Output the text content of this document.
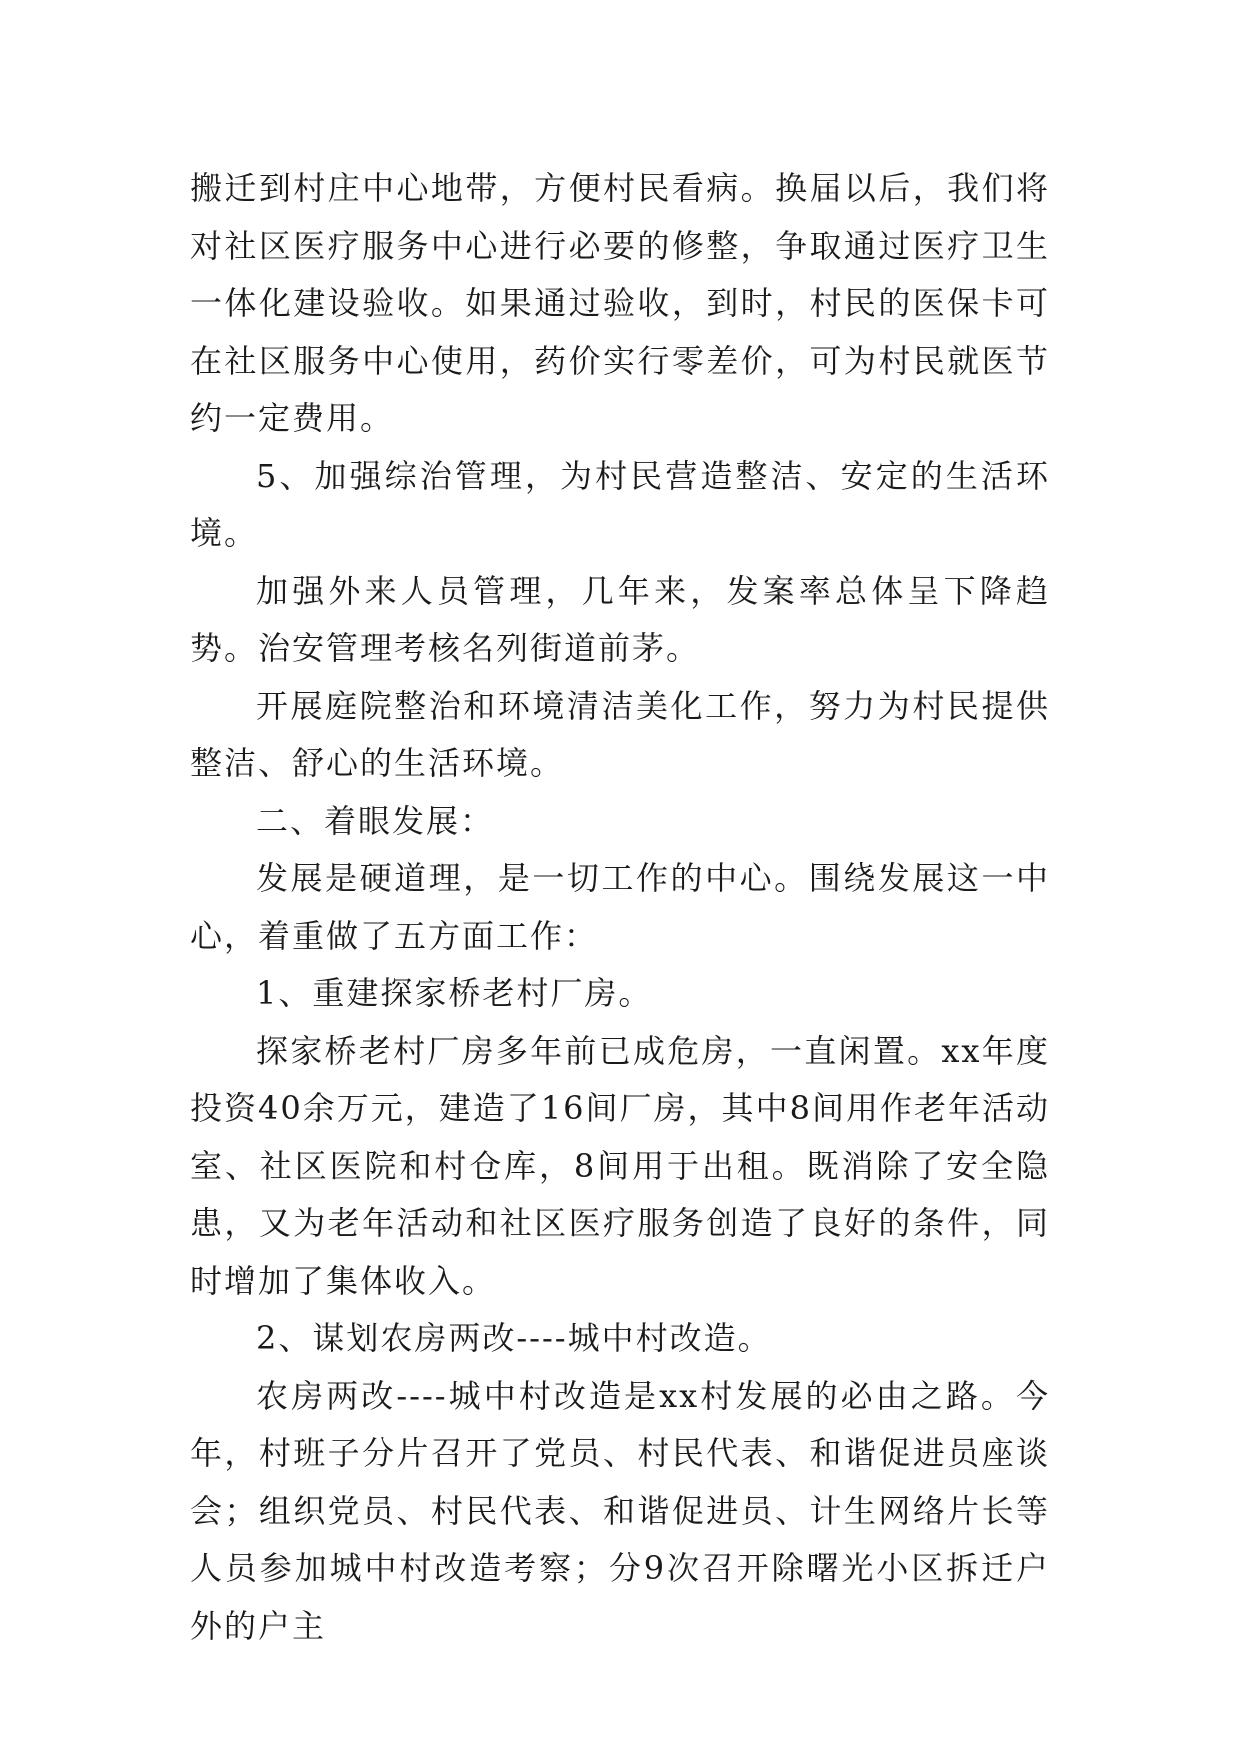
搬迁到村庄中心地带，方便村民看病。换届以后，我们将对社区医疗服务中心进行必要的修整，争取通过医疗卫生一体化建设验收。如果通过验收，到时，村民的医保卡可在社区服务中心使用，药价实行零差价，可为村民就医节约一定费用。

5、加强综治管理，为村民营造整洁、安定的生活环境。

加强外来人员管理，几年来，发案率总体呈下降趋势。治安管理考核名列街道前茅。

开展庭院整治和环境清洁美化工作，努力为村民提供整洁、舒心的生活环境。

二、着眼发展：

发展是硬道理，是一切工作的中心。围绕发展这一中心，着重做了五方面工作：

1、重建探家桥老村厂房。

探家桥老村厂房多年前已成危房，一直闲置。xx年度投资40余万元，建造了16间厂房，其中8间用作老年活动室、社区医院和村仓库，8间用于出租。既消除了安全隐患，又为老年活动和社区医疗服务创造了良好的条件，同时增加了集体收入。

2、谋划农房两改----城中村改造。

农房两改----城中村改造是xx村发展的必由之路。今年，村班子分片召开了党员、村民代表、和谐促进员座谈会；组织党员、村民代表、和谐促进员、计生网络片长等人员参加城中村改造考察；分9次召开除曙光小区拆迁户外的户主
